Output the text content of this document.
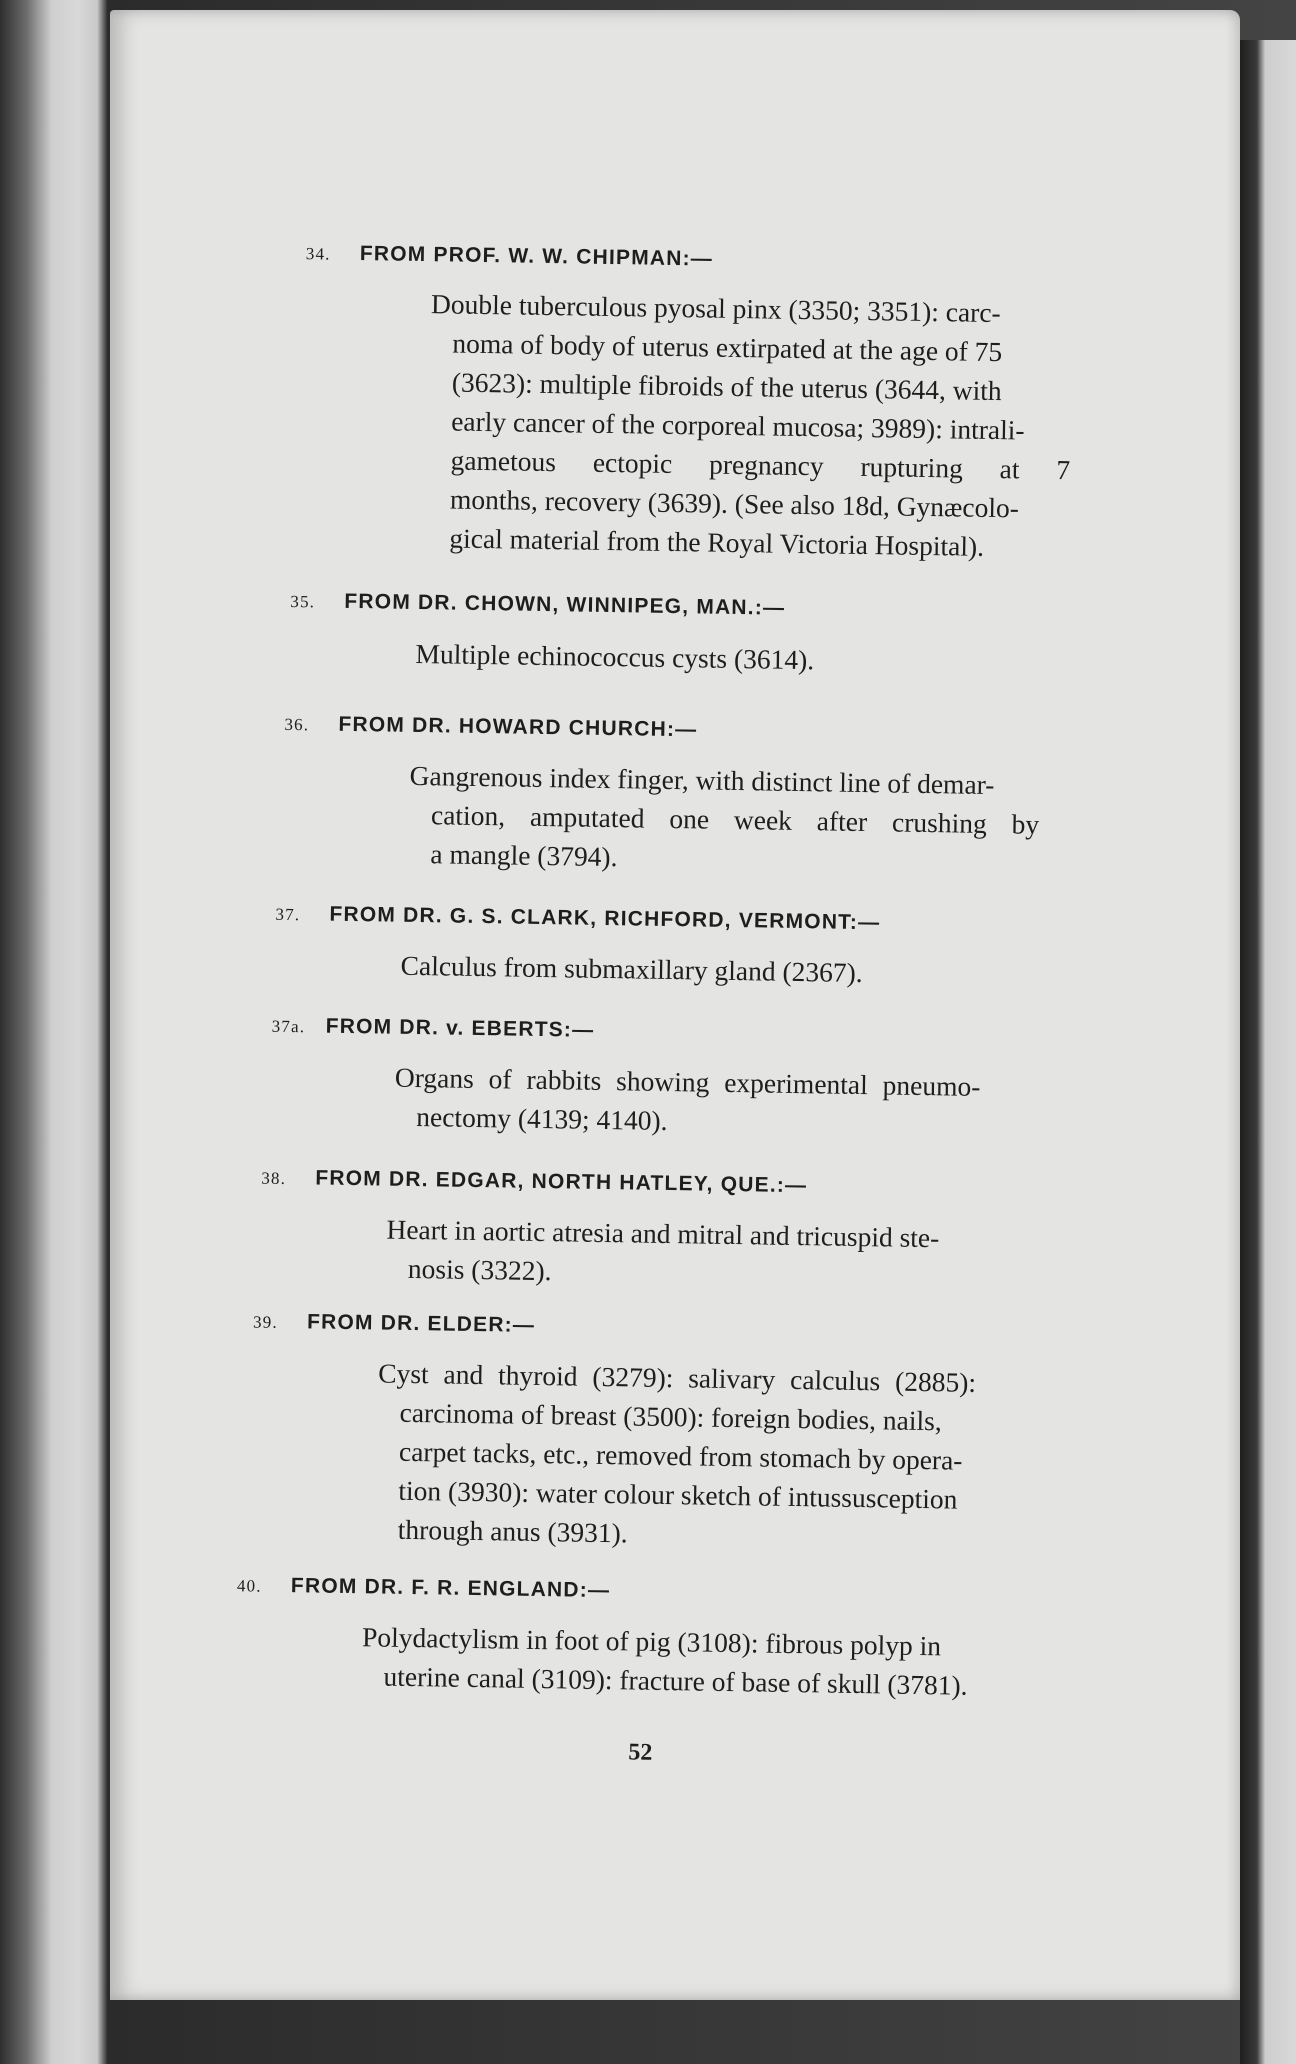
34. FROM PROF. W. W. CHIPMAN:—
Double tuberculous pyosal pinx (3350; 3351): carc-
noma of body of uterus extirpated at the age of 75
(3623): multiple fibroids of the uterus (3644, with
early cancer of the corporeal mucosa; 3989): intrali-
gametous ectopic pregnancy rupturing at 7
months, recovery (3639). (See also 18d, Gynæcolo-
gical material from the Royal Victoria Hospital).
35. FROM DR. CHOWN, WINNIPEG, MAN.:—
Multiple echinococcus cysts (3614).
36. FROM DR. HOWARD CHURCH:—
Gangrenous index finger, with distinct line of demar-
cation, amputated one week after crushing by
a mangle (3794).
37. FROM DR. G. S. CLARK, RICHFORD, VERMONT:—
Calculus from submaxillary gland (2367).
37a. FROM DR. v. EBERTS:—
Organs of rabbits showing experimental pneumo-
nectomy (4139; 4140).
38. FROM DR. EDGAR, NORTH HATLEY, QUE.:—
Heart in aortic atresia and mitral and tricuspid ste-
nosis (3322).
39. FROM DR. ELDER:—
Cyst and thyroid (3279): salivary calculus (2885):
carcinoma of breast (3500): foreign bodies, nails,
carpet tacks, etc., removed from stomach by opera-
tion (3930): water colour sketch of intussusception
through anus (3931).
40. FROM DR. F. R. ENGLAND:—
Polydactylism in foot of pig (3108): fibrous polyp in
uterine canal (3109): fracture of base of skull (3781).
52
